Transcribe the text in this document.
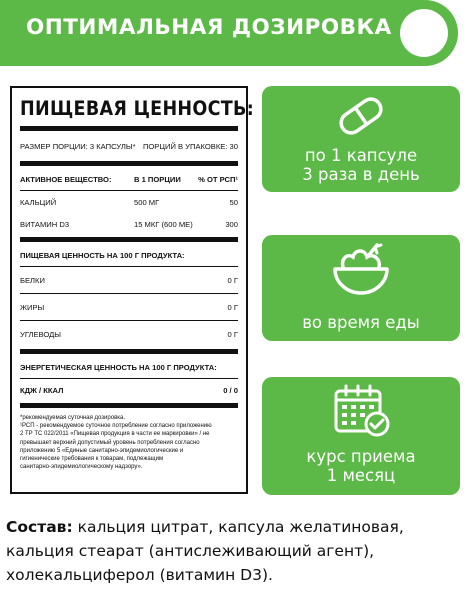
ОПТИМАЛЬНАЯ ДОЗИРОВКА
ПИЩЕВАЯ ЦЕННОСТЬ:
РАЗМЕР ПОРЦИИ: 3 КАПСУЛЫ* ПОРЦИЙ В УПАКОВКЕ: 30
АКТИВНОЕ ВЕЩЕСТВО:	В 1 ПОРЦИИ	% ОТ РСП¹
КАЛЬЦИЙ	500 МГ	50
ВИТАМИН D3	15 МКГ (600 МЕ)	300
ПИЩЕВАЯ ЦЕННОСТЬ НА 100 Г ПРОДУКТА:
БЕЛКИ	0 Г
ЖИРЫ	0 Г
УГЛЕВОДЫ	0 Г
ЭНЕРГЕТИЧЕСКАЯ ЦЕННОСТЬ НА 100 Г ПРОДУКТА:
КДЖ / ККАЛ	0 / 0
*рекомендуемая суточная дозировка.
¹РСП - рекомендуемое суточное потребление согласно приложению
2 ТР ТС 022/2011 «Пищевая продукция в части ее маркировки» / не
превышает верхний допустимый уровень потребления согласно
приложению 5 «Единые санитарно-эпидемиологические и
гигиенические требования к товарам, подлежащим
санитарно-эпидемиологическому надзору».
по 1 капсуле
3 раза в день
во время еды
курс приема
1 месяц
Состав: кальция цитрат, капсула желатиновая, кальция стеарат (антислеживающий агент), холекальциферол (витамин D3).
